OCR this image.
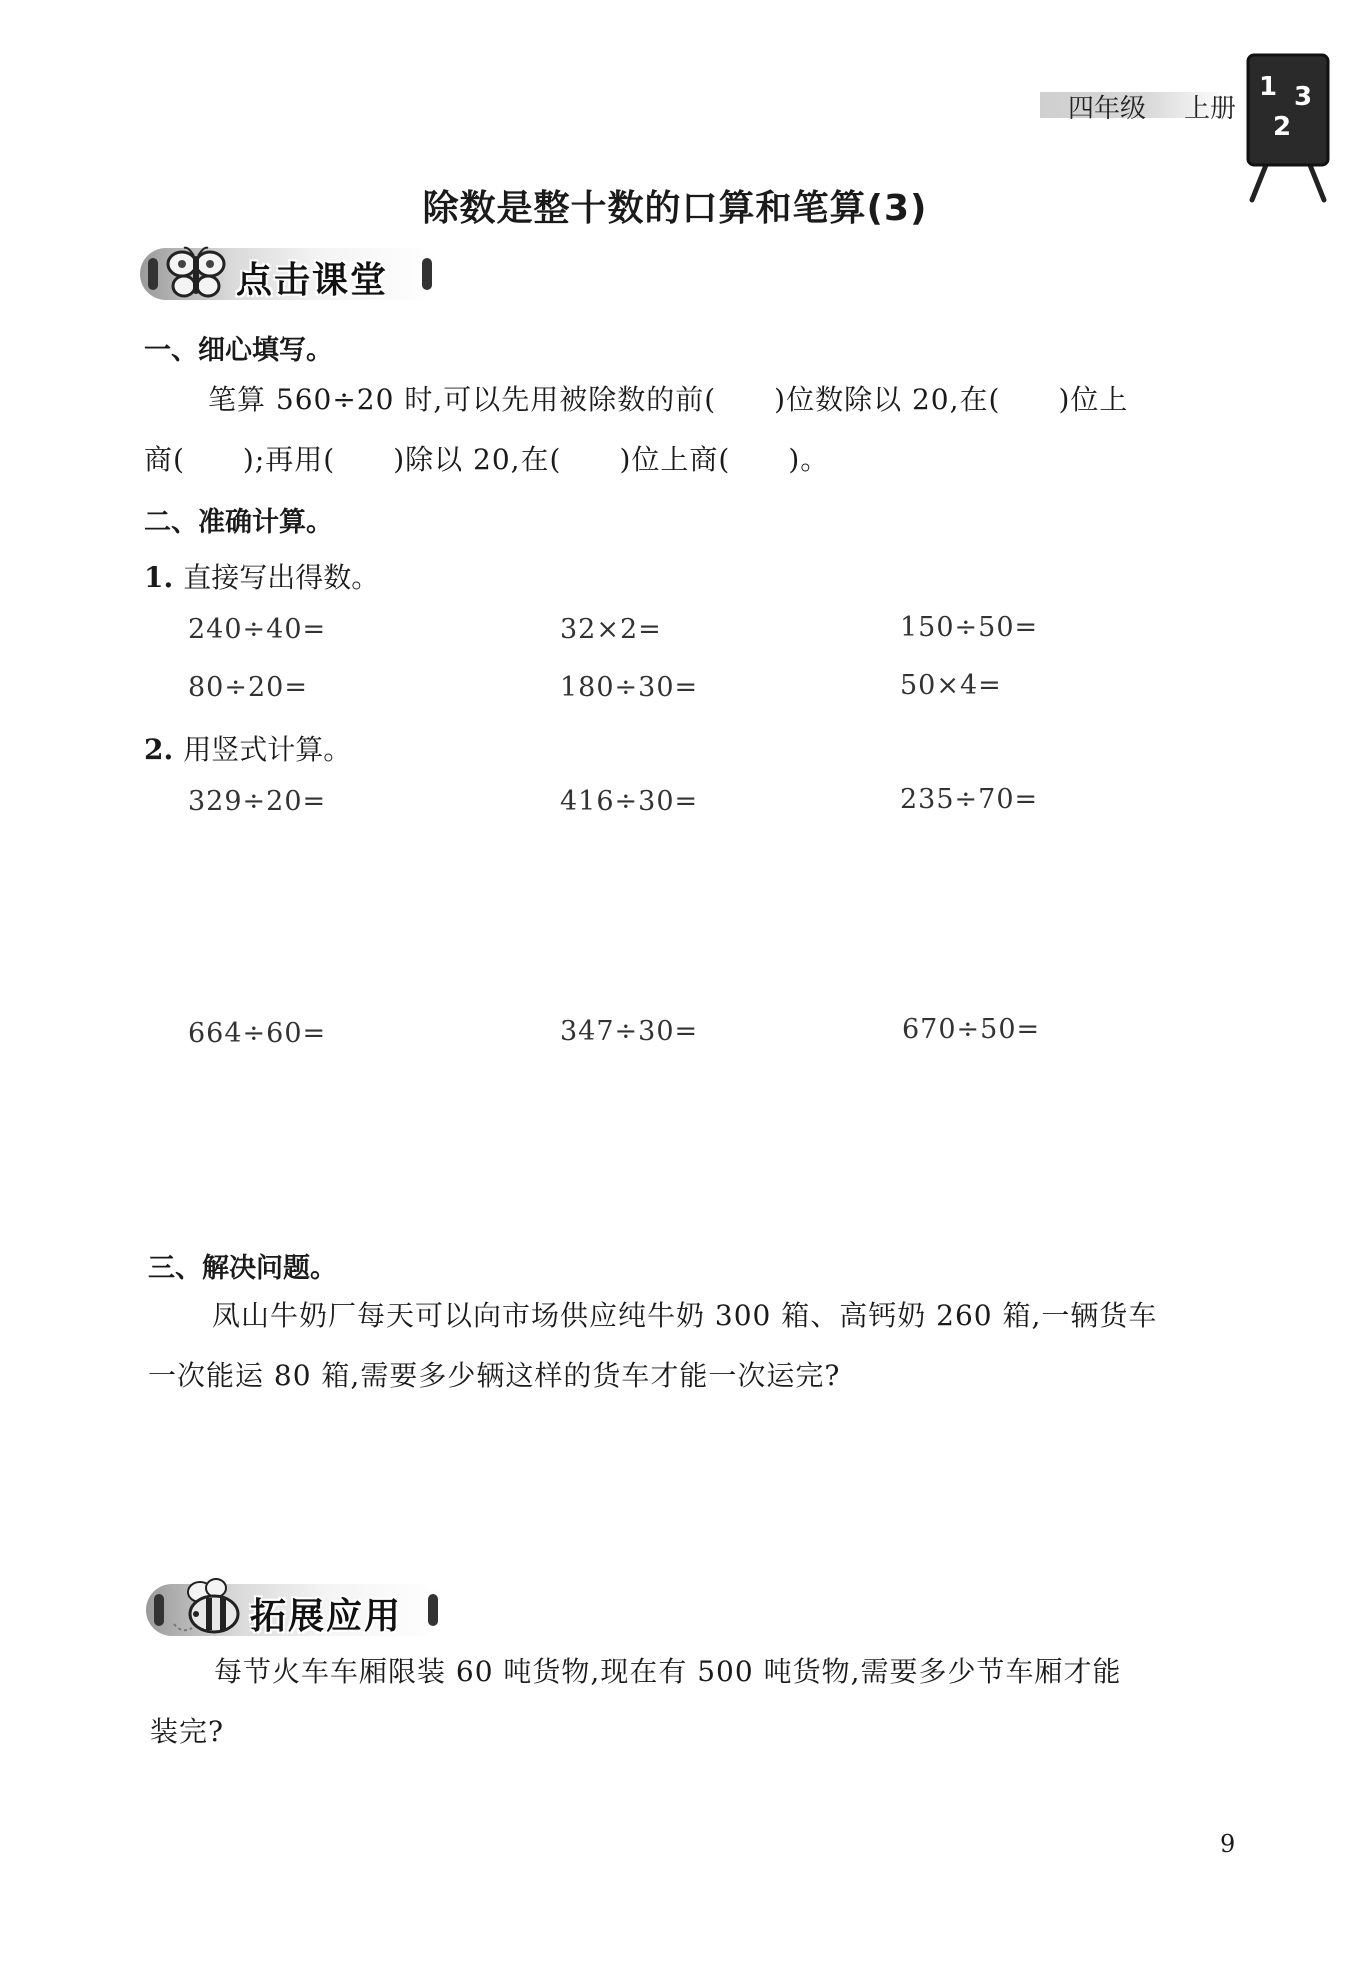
四年级 上册
1 3
2
除数是整十数的口算和笔算(3)
点击课堂
一、细心填写。
笔算 560÷20 时,可以先用被除数的前(　　)位数除以 20,在(　　)位上
商(　　);再用(　　)除以 20,在(　　)位上商(　　)。
二、准确计算。
1. 直接写出得数。
240÷40=	32×2=	150÷50=
80÷20=	180÷30=	50×4=
2. 用竖式计算。
329÷20=	416÷30=	235÷70=
664÷60=	347÷30=	670÷50=
三、解决问题。
凤山牛奶厂每天可以向市场供应纯牛奶 300 箱、高钙奶 260 箱,一辆货车
一次能运 80 箱,需要多少辆这样的货车才能一次运完?
拓展应用
每节火车车厢限装 60 吨货物,现在有 500 吨货物,需要多少节车厢才能
装完?
9
